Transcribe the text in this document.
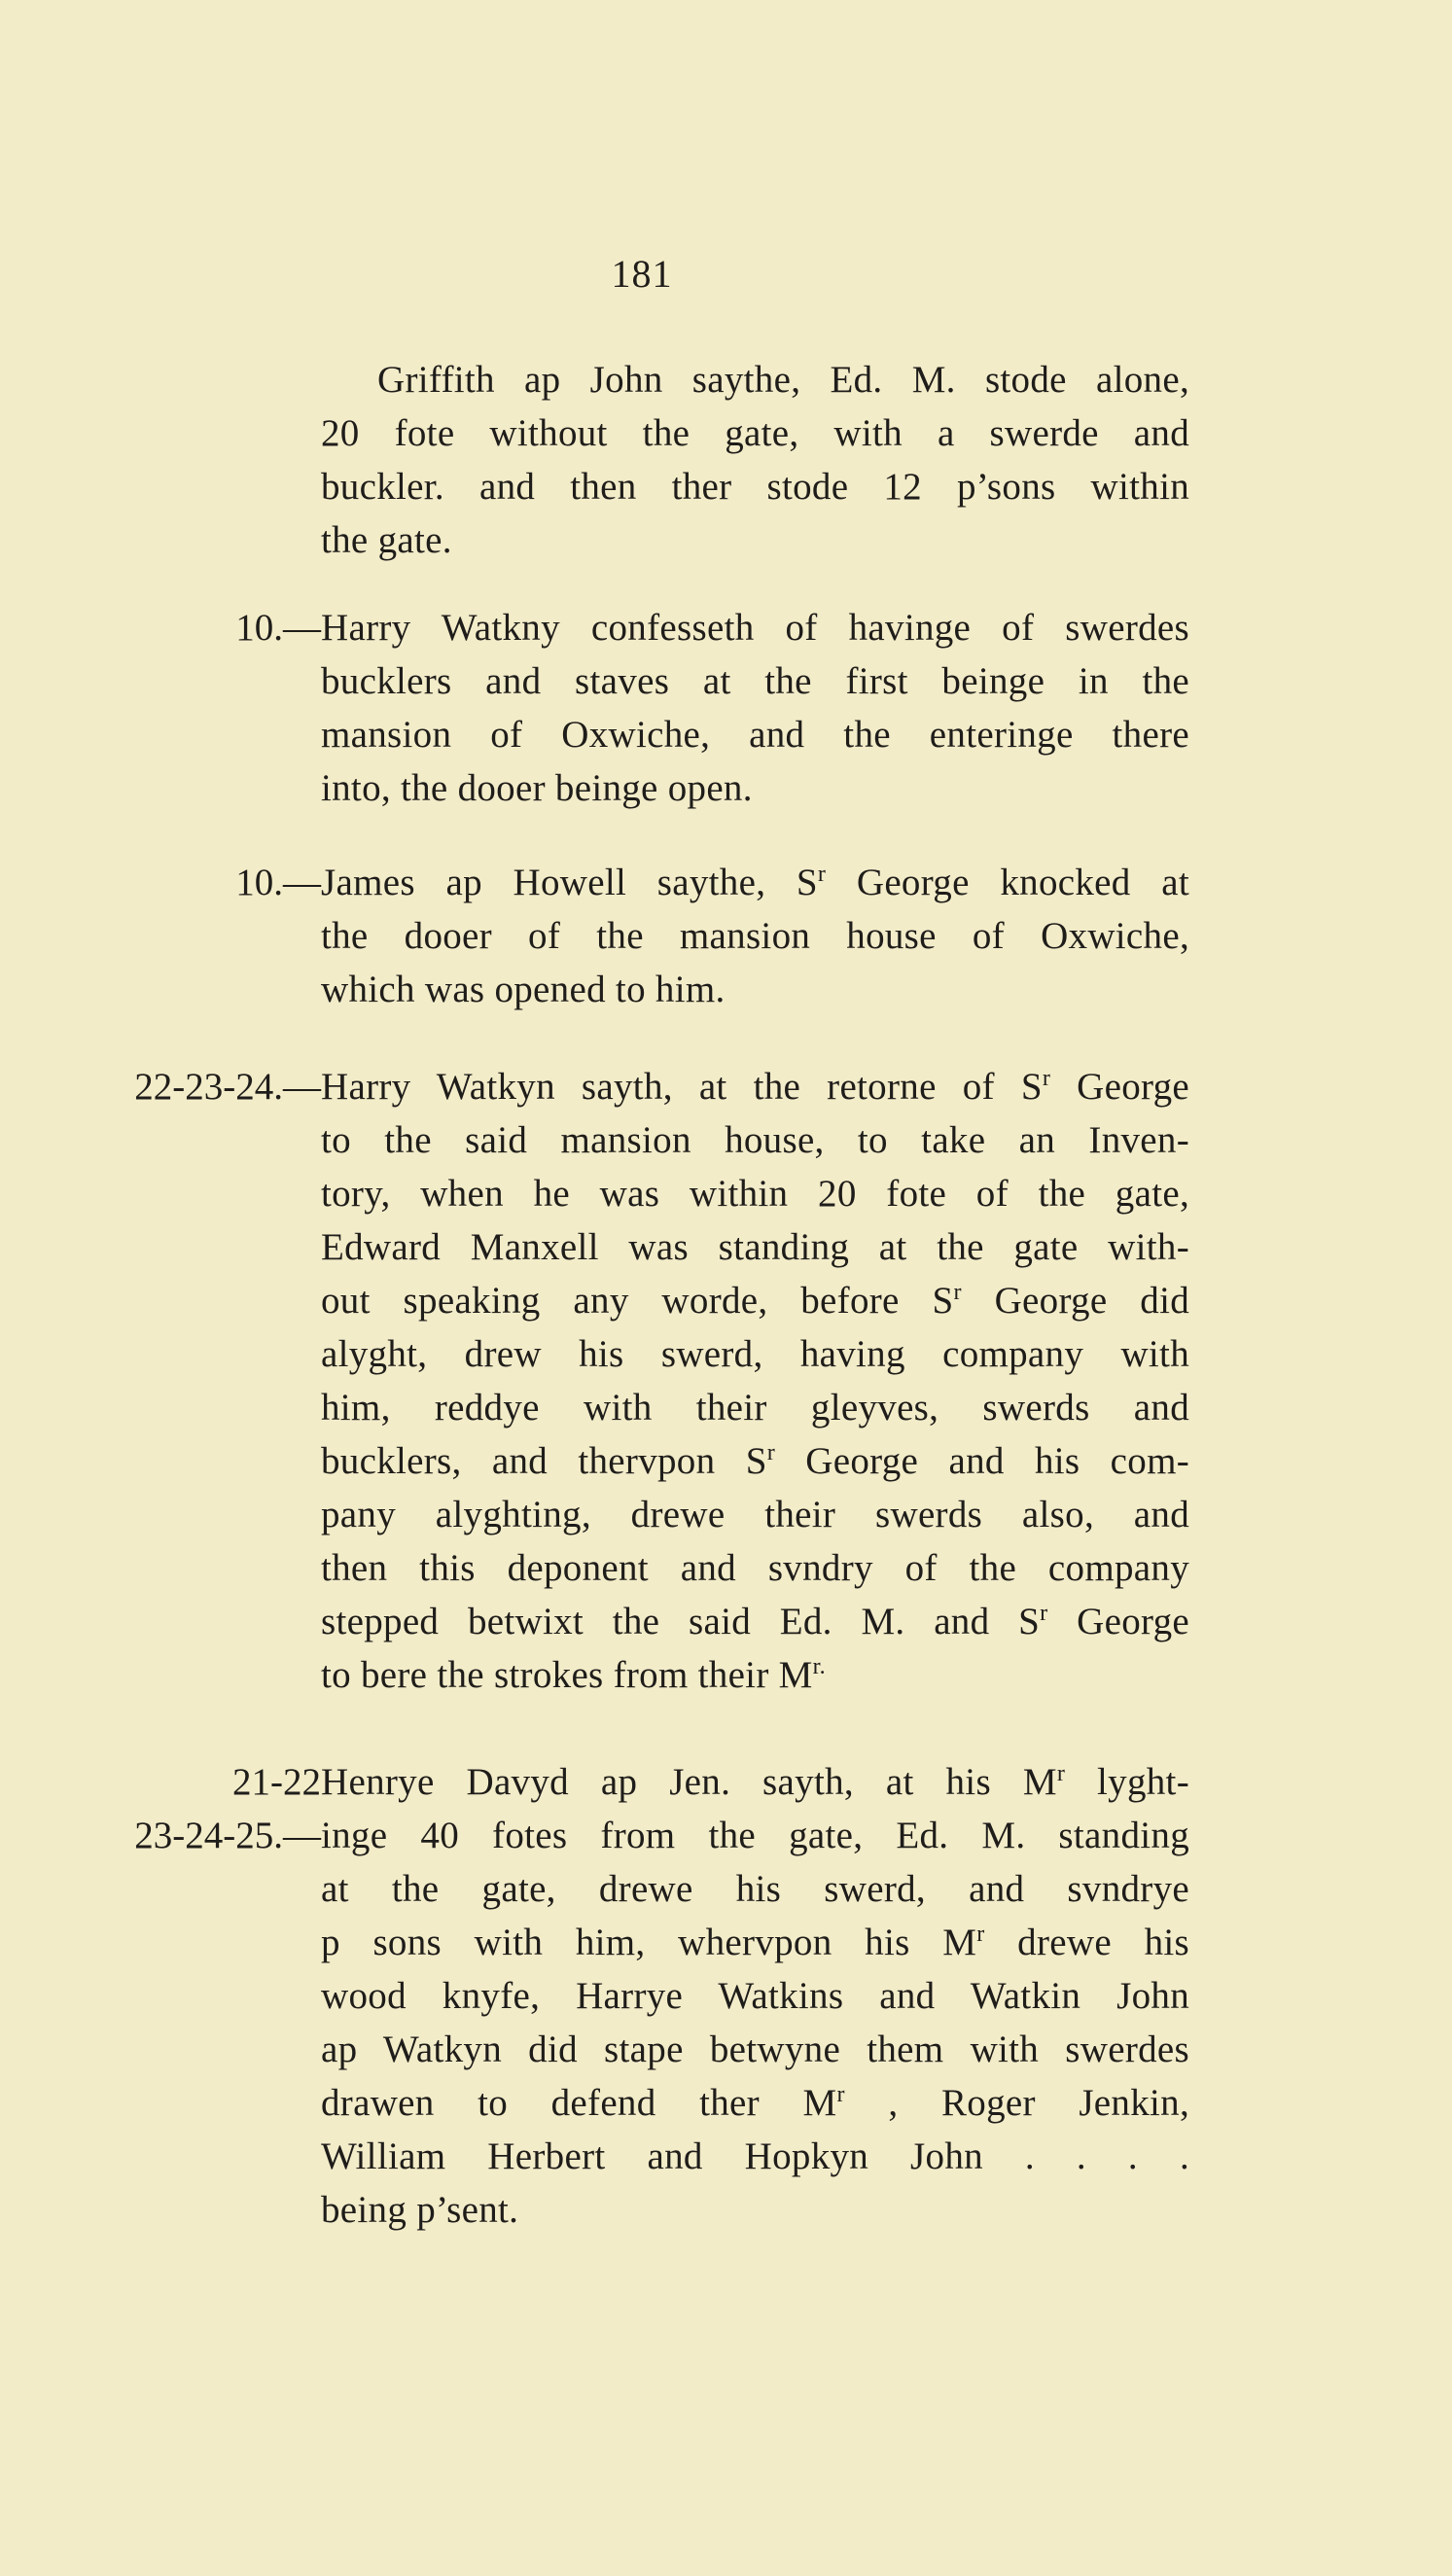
181
Griffith ap John saythe, Ed. M. stode alone,
20 fote without the gate, with a swerde and
buckler. and then ther stode 12 p’sons within
the gate.
10.— Harry Watkny confesseth of havinge of swerdes
bucklers and staves at the first beinge in the
mansion of Oxwiche, and the enteringe there
into, the dooer beinge open.
10.— James ap Howell saythe, $S^r$ George knocked at
the dooer of the mansion house of Oxwiche,
which was opened to him.
22-23-24.— Harry Watkyn sayth, at the retorne of $S^r$ George
to the said mansion house, to take an Inven-
tory, when he was within 20 fote of the gate,
Edward Manxell was standing at the gate with-
out speaking any worde, before $S^r$ George did
alyght, drew his swerd, having company with
him, reddye with their gleyves, swerds and
bucklers, and thervpon $S^r$ George and his com-
pany alyghting, drewe their swerds also, and
then this deponent and svndry of the company
stepped betwixt the said Ed. M. and $S^r$ George
to bere the strokes from their $M^{r.}$
21-22
23-24-25.—
Henrye Davyd ap Jen. sayth, at his $M^r$ lyght-
inge 40 fotes from the gate, Ed. M. standing
at the gate, drewe his swerd, and svndrye
p sons with him, whervpon his $M^r$ drewe his
wood knyfe, Harrye Watkins and Watkin John
ap Watkyn did stape betwyne them with swerdes
drawen to defend ther $M^r$ , Roger Jenkin,
William Herbert and Hopkyn John . . . .
being p’sent.
